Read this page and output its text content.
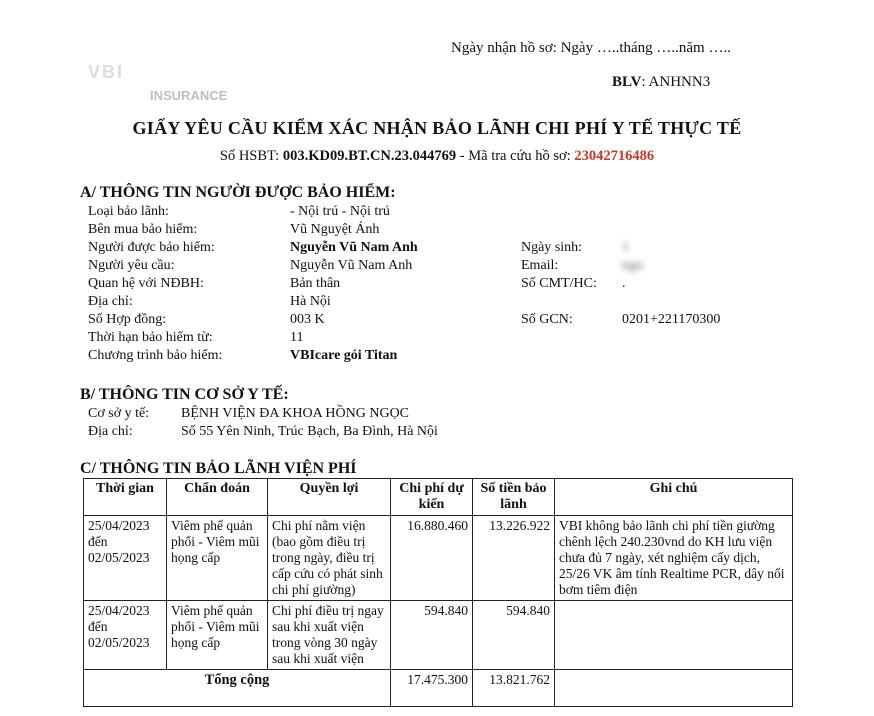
VBI
INSURANCE
Ngày nhận hồ sơ: Ngày …..tháng …..năm …..
BLV: ANHNN3
GIẤY YÊU CẦU KIỂM XÁC NHẬN BẢO LÃNH CHI PHÍ Y TẾ THỰC TẾ
Số HSBT: 003.KD09.BT.CN.23.044769 - Mã tra cứu hồ sơ: 23042716486
A/ THÔNG TIN NGƯỜI ĐƯỢC BẢO HIỂM:
Loại bảo lãnh:	- Nội trú - Nội trú
Bên mua bảo hiểm:	Vũ Nguyệt Ánh
Người được bảo hiểm:	Nguyễn Vũ Nam Anh	Ngày sinh:	1
Người yêu cầu:	Nguyễn Vũ Nam Anh	Email:	ngu
Quan hệ với NĐBH:	Bản thân	Số CMT/HC: .
Địa chỉ:	Hà Nội
Số Hợp đồng:	003 K	Số GCN:	0201+221170300
Thời hạn bảo hiểm từ:	11
Chương trình bảo hiểm:	VBIcare gói Titan
B/ THÔNG TIN CƠ SỞ Y TẾ:
Cơ sở y tế: BỆNH VIỆN ĐA KHOA HỒNG NGỌC
Địa chỉ:	Số 55 Yên Ninh, Trúc Bạch, Ba Đình, Hà Nội
C/ THÔNG TIN BẢO LÃNH VIỆN PHÍ
Thời gian	Chẩn đoán	Quyền lợi	Chi phí dự kiến	Số tiền bảo lãnh	Ghi chú
25/04/2023 đến 02/05/2023	Viêm phế quản phổi - Viêm mũi họng cấp	Chi phí nằm viện (bao gồm điều trị trong ngày, điều trị cấp cứu có phát sinh chi phí giường)	16.880.460	13.226.922	VBI không bảo lãnh chi phí tiền giường chênh lệch 240.230vnd do KH lưu viện chưa đủ 7 ngày, xét nghiệm cấy dịch, 25/26 VK âm tính Realtime PCR, dây nối bơm tiêm điện
25/04/2023 đến 02/05/2023	Viêm phế quản phổi - Viêm mũi họng cấp	Chi phí điều trị ngay sau khi xuất viện trong vòng 30 ngày sau khi xuất viện	594.840	594.840	
Tổng cộng			17.475.300	13.821.762	
